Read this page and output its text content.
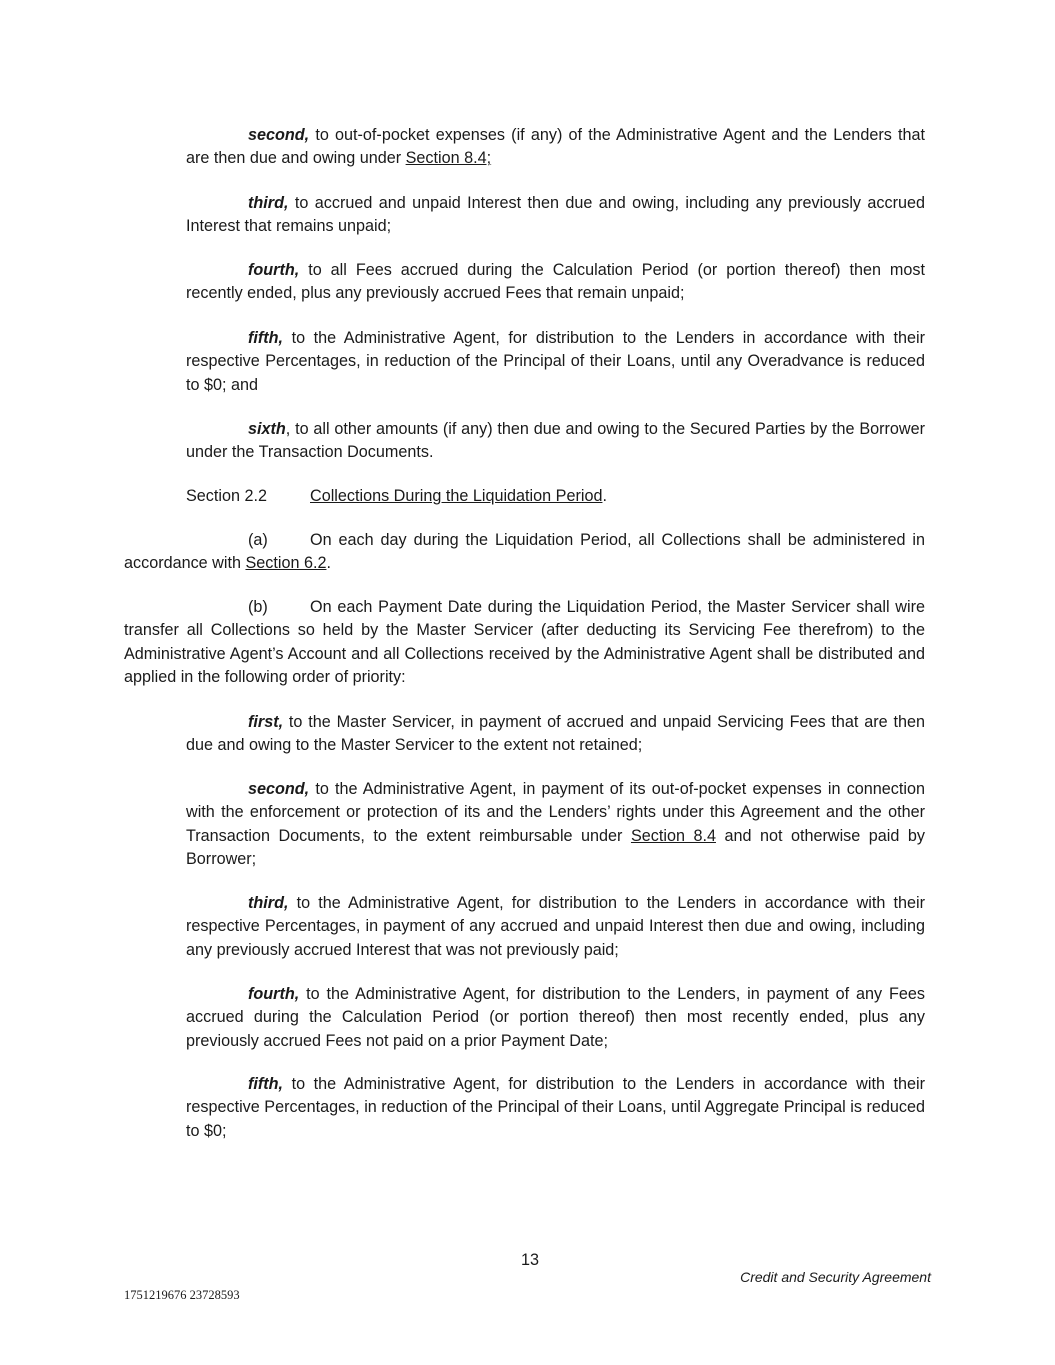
second, to out-of-pocket expenses (if any) of the Administrative Agent and the Lenders that are then due and owing under Section 8.4;

third, to accrued and unpaid Interest then due and owing, including any previously accrued Interest that remains unpaid;

fourth, to all Fees accrued during the Calculation Period (or portion thereof) then most recently ended, plus any previously accrued Fees that remain unpaid;

fifth, to the Administrative Agent, for distribution to the Lenders in accordance with their respective Percentages, in reduction of the Principal of their Loans, until any Overadvance is reduced to $0; and

sixth, to all other amounts (if any) then due and owing to the Secured Parties by the Borrower under the Transaction Documents.

Section 2.2	Collections During the Liquidation Period.

(a)	On each day during the Liquidation Period, all Collections shall be administered in accordance with Section 6.2.

(b)	On each Payment Date during the Liquidation Period, the Master Servicer shall wire transfer all Collections so held by the Master Servicer (after deducting its Servicing Fee therefrom) to the Administrative Agent’s Account and all Collections received by the Administrative Agent shall be distributed and applied in the following order of priority:

first, to the Master Servicer, in payment of accrued and unpaid Servicing Fees that are then due and owing to the Master Servicer to the extent not retained;

second, to the Administrative Agent, in payment of its out-of-pocket expenses in connection with the enforcement or protection of its and the Lenders’ rights under this Agreement and the other Transaction Documents, to the extent reimbursable under Section 8.4 and not otherwise paid by Borrower;

third, to the Administrative Agent, for distribution to the Lenders in accordance with their respective Percentages, in payment of any accrued and unpaid Interest then due and owing, including any previously accrued Interest that was not previously paid;

fourth, to the Administrative Agent, for distribution to the Lenders, in payment of any Fees accrued during the Calculation Period (or portion thereof) then most recently ended, plus any previously accrued Fees not paid on a prior Payment Date;

fifth, to the Administrative Agent, for distribution to the Lenders in accordance with their respective Percentages, in reduction of the Principal of their Loans, until Aggregate Principal is reduced to $0;

13
Credit and Security Agreement
1751219676 23728593
